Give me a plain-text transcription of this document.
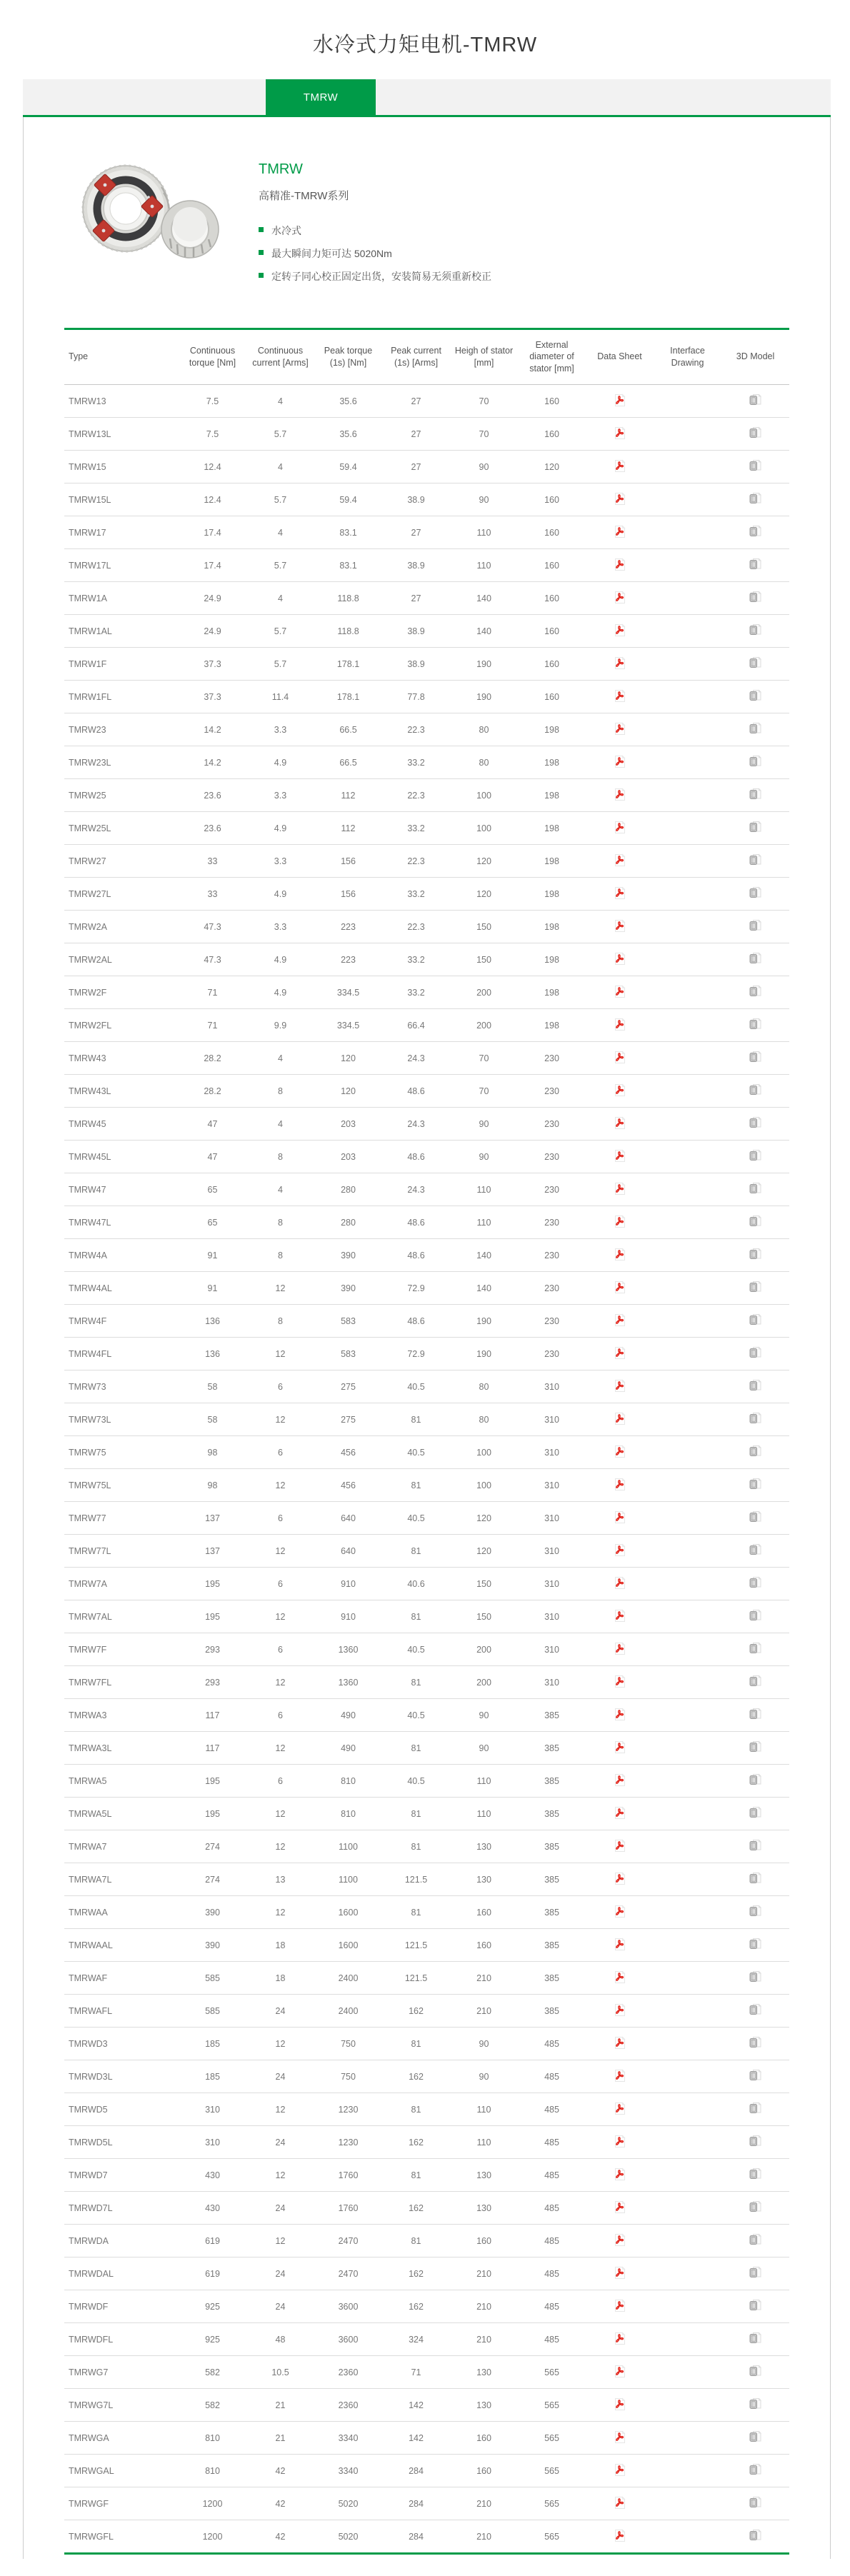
水冷式力矩电机-TMRW
TMRW
TMRW

高精准-TMRW系列

水冷式
最大瞬间力矩可达 5020Nm
定转子同心校正固定出货，安装简易无须重新校正
Type	Continuous torque [Nm]	Continuous current [Arms]	Peak torque (1s) [Nm]	Peak current (1s) [Arms]	Heigh of stator [mm]	External diameter of stator [mm]	Data Sheet	Interface Drawing	3D Model
TMRW13	7.5	4	35.6	27	70	160			
TMRW13L	7.5	5.7	35.6	27	70	160			
TMRW15	12.4	4	59.4	27	90	120			
TMRW15L	12.4	5.7	59.4	38.9	90	160			
TMRW17	17.4	4	83.1	27	110	160			
TMRW17L	17.4	5.7	83.1	38.9	110	160			
TMRW1A	24.9	4	118.8	27	140	160			
TMRW1AL	24.9	5.7	118.8	38.9	140	160			
TMRW1F	37.3	5.7	178.1	38.9	190	160			
TMRW1FL	37.3	11.4	178.1	77.8	190	160			
TMRW23	14.2	3.3	66.5	22.3	80	198			
TMRW23L	14.2	4.9	66.5	33.2	80	198			
TMRW25	23.6	3.3	112	22.3	100	198			
TMRW25L	23.6	4.9	112	33.2	100	198			
TMRW27	33	3.3	156	22.3	120	198			
TMRW27L	33	4.9	156	33.2	120	198			
TMRW2A	47.3	3.3	223	22.3	150	198			
TMRW2AL	47.3	4.9	223	33.2	150	198			
TMRW2F	71	4.9	334.5	33.2	200	198			
TMRW2FL	71	9.9	334.5	66.4	200	198			
TMRW43	28.2	4	120	24.3	70	230			
TMRW43L	28.2	8	120	48.6	70	230			
TMRW45	47	4	203	24.3	90	230			
TMRW45L	47	8	203	48.6	90	230			
TMRW47	65	4	280	24.3	110	230			
TMRW47L	65	8	280	48.6	110	230			
TMRW4A	91	8	390	48.6	140	230			
TMRW4AL	91	12	390	72.9	140	230			
TMRW4F	136	8	583	48.6	190	230			
TMRW4FL	136	12	583	72.9	190	230			
TMRW73	58	6	275	40.5	80	310			
TMRW73L	58	12	275	81	80	310			
TMRW75	98	6	456	40.5	100	310			
TMRW75L	98	12	456	81	100	310			
TMRW77	137	6	640	40.5	120	310			
TMRW77L	137	12	640	81	120	310			
TMRW7A	195	6	910	40.6	150	310			
TMRW7AL	195	12	910	81	150	310			
TMRW7F	293	6	1360	40.5	200	310			
TMRW7FL	293	12	1360	81	200	310			
TMRWA3	117	6	490	40.5	90	385			
TMRWA3L	117	12	490	81	90	385			
TMRWA5	195	6	810	40.5	110	385			
TMRWA5L	195	12	810	81	110	385			
TMRWA7	274	12	1100	81	130	385			
TMRWA7L	274	13	1100	121.5	130	385			
TMRWAA	390	12	1600	81	160	385			
TMRWAAL	390	18	1600	121.5	160	385			
TMRWAF	585	18	2400	121.5	210	385			
TMRWAFL	585	24	2400	162	210	385			
TMRWD3	185	12	750	81	90	485			
TMRWD3L	185	24	750	162	90	485			
TMRWD5	310	12	1230	81	110	485			
TMRWD5L	310	24	1230	162	110	485			
TMRWD7	430	12	1760	81	130	485			
TMRWD7L	430	24	1760	162	130	485			
TMRWDA	619	12	2470	81	160	485			
TMRWDAL	619	24	2470	162	210	485			
TMRWDF	925	24	3600	162	210	485			
TMRWDFL	925	48	3600	324	210	485			
TMRWG7	582	10.5	2360	71	130	565			
TMRWG7L	582	21	2360	142	130	565			
TMRWGA	810	21	3340	142	160	565			
TMRWGAL	810	42	3340	284	160	565			
TMRWGF	1200	42	5020	284	210	565			
TMRWGFL	1200	42	5020	284	210	565			
